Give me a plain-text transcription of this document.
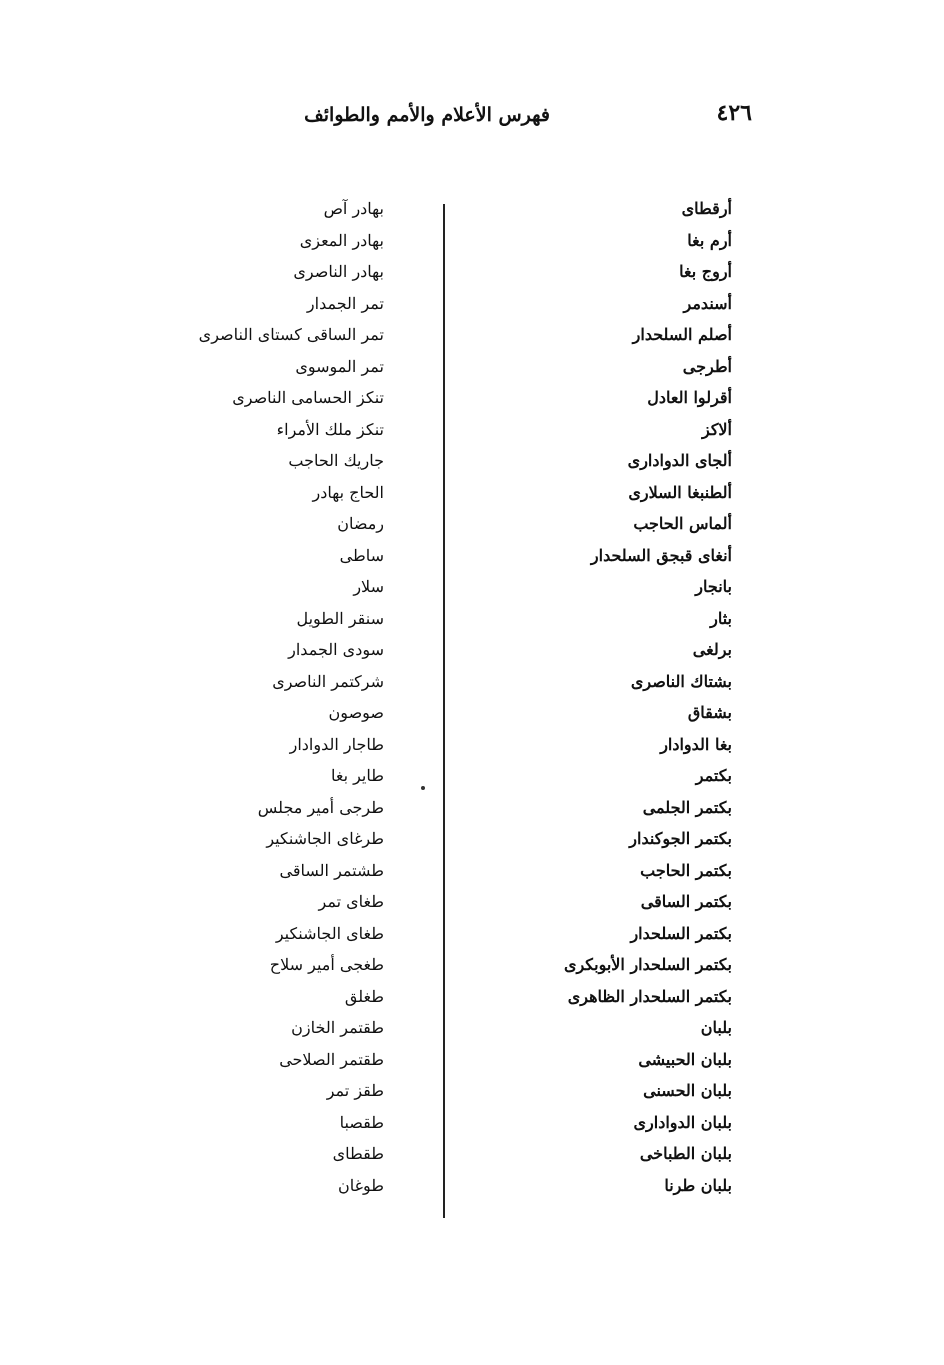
فهرس الأعلام والأمم والطوائف	٤٢٦
أرقطاى
أرم بغا
أروج بغا
أسندمر
أصلم السلحدار
أطرجى
أقرلوا العادل
ألاكز
ألجاى الدوادارى
ألطنبغا السلارى
ألماس الحاجب
أنغاى قبجق السلحدار
بانجار
بثار
برلغى
بشتاك الناصرى
بشقاق
بغا الدوادار
بكتمر
بكتمر الجلمى
بكتمر الجوكندار
بكتمر الحاجب
بكتمر الساقى
بكتمر السلحدار
بكتمر السلحدار الأبوبكرى
بكتمر السلحدار الظاهرى
بلبان
بلبان الحبيشى
بلبان الحسنى
بلبان الدوادارى
بلبان الطباخى
بلبان طرنا
بهادر آص
بهادر المعزى
بهادر الناصرى
تمر الجمدار
تمر الساقى كستاى الناصرى
تمر الموسوى
تنكز الحسامى الناصرى
تنكز ملك الأمراء
جاريك الحاجب
الحاج بهادر
رمضان
ساطى
سلار
سنقر الطويل
سودى الجمدار
شركتمر الناصرى
صوصون
طاجار الدوادار
طاير بغا
طرجى أمير مجلس
طرغاى الجاشنكير
طشتمر الساقى
طغاى تمر
طغاى الجاشنكير
طغجى أمير سلاح
طغلق
طقتمر الخازن
طقتمر الصلاحى
طقز تمر
طقصبا
طقطاى
طوغان
